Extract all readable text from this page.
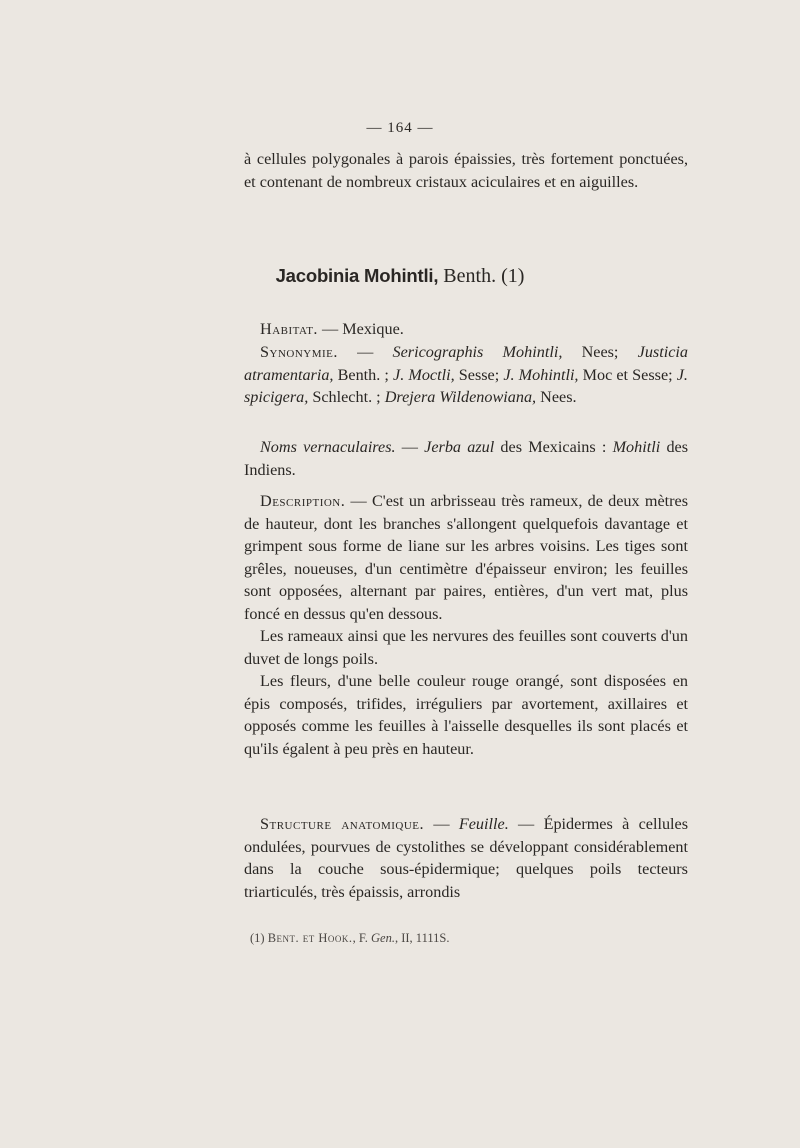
— 164 —

à cellules polygonales à parois épaissies, très fortement ponctuées, et contenant de nombreux cristaux aciculaires et en aiguilles.

Jacobinia Mohintli, Benth. (1)

Habitat. — Mexique.

Synonymie. — Sericographis Mohintli, Nees; Justicia atramentaria, Benth. ; J. Moctli, Sesse; J. Mohintli, Moc et Sesse; J. spicigera, Schlecht. ; Drejera Wildenowiana, Nees.

Noms vernaculaires. — Jerba azul des Mexicains : Mohitli des Indiens.

Description. — C'est un arbrisseau très rameux, de deux mètres de hauteur, dont les branches s'allongent quelquefois davantage et grimpent sous forme de liane sur les arbres voisins. Les tiges sont grêles, noueuses, d'un centimètre d'épaisseur environ; les feuilles sont opposées, alternant par paires, entières, d'un vert mat, plus foncé en dessus qu'en dessous.

Les rameaux ainsi que les nervures des feuilles sont couverts d'un duvet de longs poils.

Les fleurs, d'une belle couleur rouge orangé, sont disposées en épis composés, trifides, irréguliers par avortement, axillaires et opposés comme les feuilles à l'aisselle desquelles ils sont placés et qu'ils égalent à peu près en hauteur.

Structure anatomique. — Feuille. — Épidermes à cellules ondulées, pourvues de cystolithes se développant considérablement dans la couche sous-épidermique; quelques poils tecteurs triarticulés, très épaissis, arrondis

(1) Bent. et Hook., F. Gen., II, 1111S.
